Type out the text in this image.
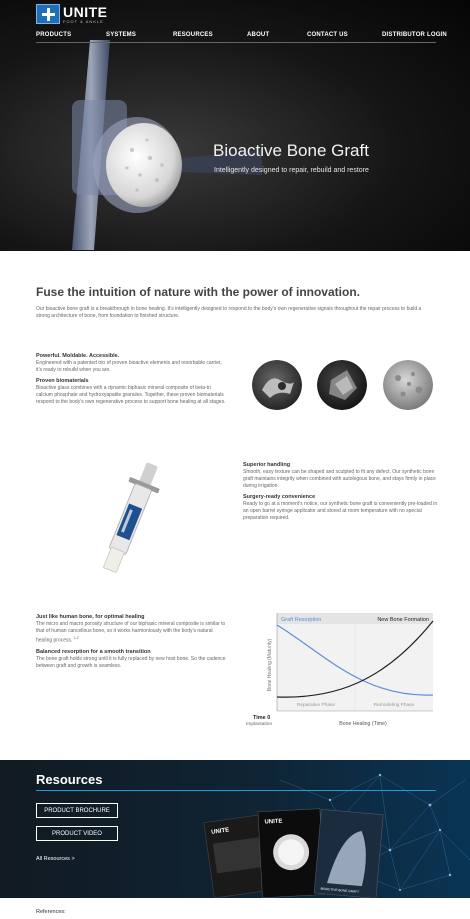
UNITE
FOOT & ANKLE
PRODUCTS	SYSTEMS	RESOURCES	ABOUT	CONTACT US	DISTRIBUTOR LOGIN
Bioactive Bone Graft
Intelligently designed to repair, rebuild and restore
Fuse the intuition of nature with the power of innovation.

Our bioactive bone graft is a breakthrough in bone healing. It’s intelligently designed to respond to the body’s own regenerative signals throughout the repair process to build a strong architecture of bone, from foundation to finished structure.

Powerful. Moldable. Accessible.

Engineered with a patented trio of proven bioactive elements and resorbable carrier, it’s ready to rebuild when you are.

Proven biomaterials

Bioactive glass combines with a dynamic biphasic mineral composite of beta-tri calcium phosphate and hydroxyapatite granules. Together, these proven biomaterials respond to the body’s own regenerative process to support bone healing at all stages.

Superior handling

Smooth, easy texture can be shaped and sculpted to fit any defect. Our synthetic bone graft maintains integrity when combined with autologous bone, and stays firmly in place during irrigation.

Surgery-ready convenience

Ready to go at a moment’s notice, our synthetic bone graft is conveniently pre-loaded in an open barrel syringe applicator and stored at room temperature with no special preparation required.

Just like human bone, for optimal healing

The micro and macro porosity structure of our biphasic mineral composite is similar to that of human cancellous bone, so it works harmoniously with the body’s natural healing process. $^{1,2}$

Balanced resorption for a smooth transition

The bone graft holds strong until it is fully replaced by new host bone. So the cadence between graft and growth is seamless.

Graft Resorption	New Bone Formation
Bone Healing (Maturity)
Reparative Phase	Remodeling Phase
Time 0
Implantation	Bone Healing (Time)
Resources
PRODUCT BROCHURE
PRODUCT VIDEO
All Resources >
UNITE
UNITE
BIOACTIVE BONE GRAFT
References:
